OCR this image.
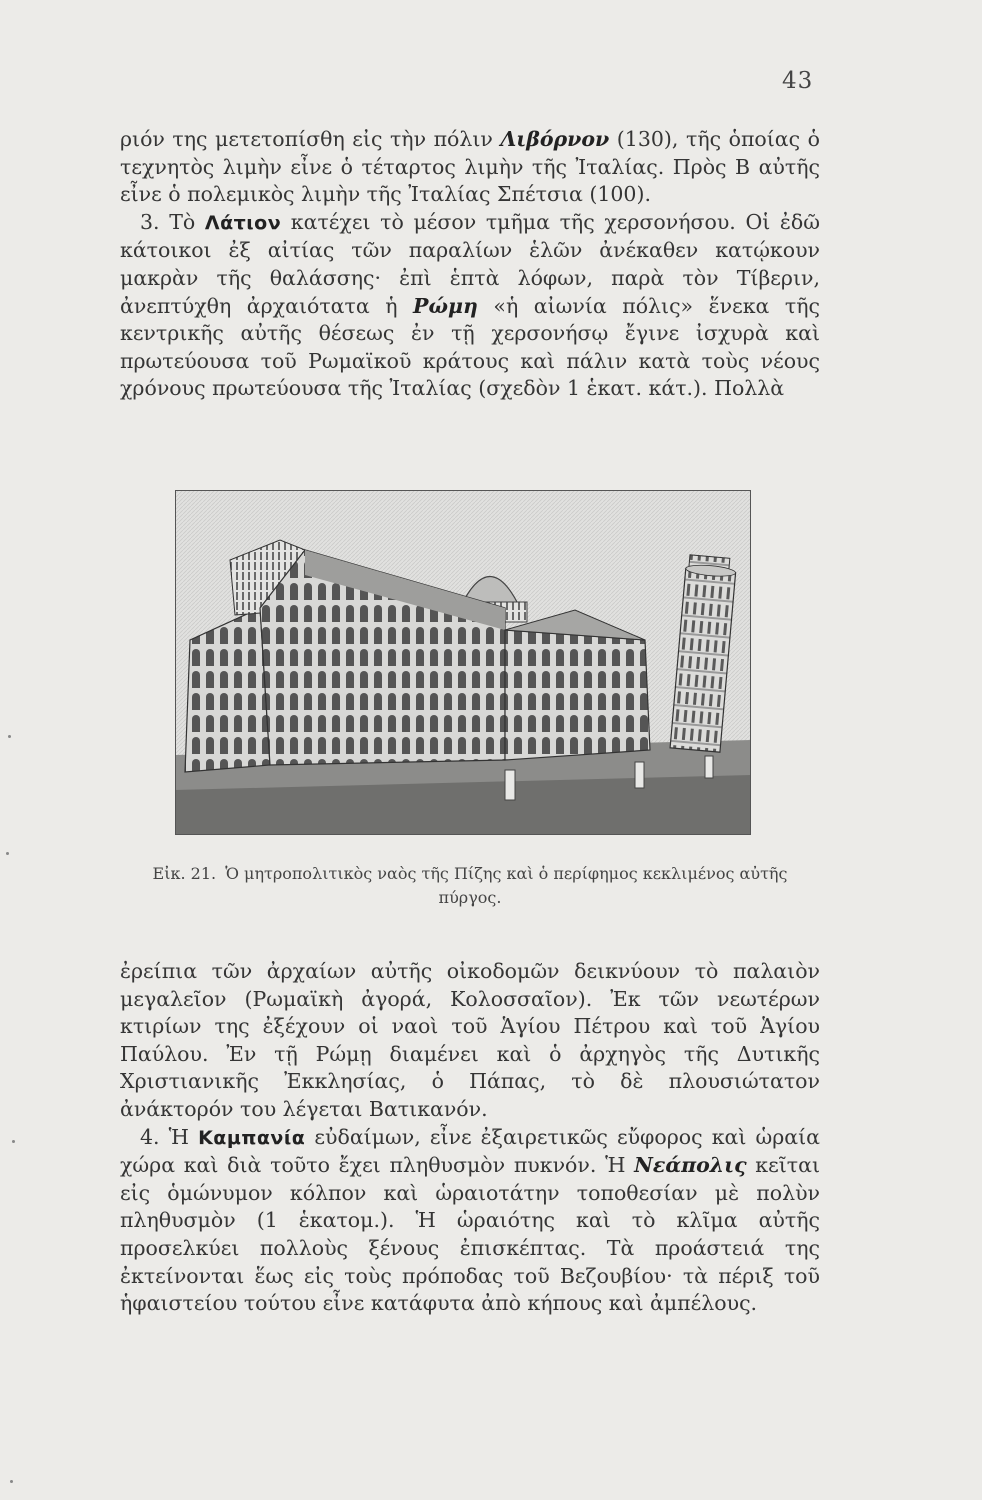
43

ριόν της μετετοπίσθη εἰς τὴν πόλιν Λιβόρνον (130), τῆς ὁποίας ὁ τεχνητὸς λιμὴν εἶνε ὁ τέταρτος λιμὴν τῆς Ἰταλίας. Πρὸς Β αὐτῆς εἶνε ὁ πολεμικὸς λιμὴν τῆς Ἰταλίας Σπέτσια (100).

3. Τὸ Λάτιον κατέχει τὸ μέσον τμῆμα τῆς χερσονήσου. Οἱ ἐδῶ κάτοικοι ἐξ αἰτίας τῶν παραλίων ἑλῶν ἀνέκαθεν κατῴκουν μακρὰν τῆς θαλάσσης· ἐπὶ ἑπτὰ λόφων, παρὰ τὸν Τίβεριν, ἀνεπτύχθη ἀρχαιότατα ἡ Ρώμη «ἡ αἰωνία πόλις» ἕνεκα τῆς κεντρικῆς αὐτῆς θέσεως ἐν τῇ χερσονήσῳ ἔγινε ἰσχυρὰ καὶ πρωτεύουσα τοῦ Ρωμαϊκοῦ κράτους καὶ πάλιν κατὰ τοὺς νέους χρόνους πρωτεύουσα τῆς Ἰταλίας (σχεδὸν 1 ἑκατ. κάτ.). Πολλὰ

Εἰκ. 21. Ὁ μητροπολιτικὸς ναὸς τῆς Πίζης καὶ ὁ περίφημος κεκλιμένος αὐτῆς πύργος.

ἐρείπια τῶν ἀρχαίων αὐτῆς οἰκοδομῶν δεικνύουν τὸ παλαιὸν μεγαλεῖον (Ρωμαϊκὴ ἀγορά, Κολοσσαῖον). Ἐκ τῶν νεωτέρων κτιρίων της ἐξέχουν οἱ ναοὶ τοῦ Ἁγίου Πέτρου καὶ τοῦ Ἁγίου Παύλου. Ἐν τῇ Ρώμῃ διαμένει καὶ ὁ ἀρχηγὸς τῆς Δυτικῆς Χριστιανικῆς Ἐκκλησίας, ὁ Πάπας, τὸ δὲ πλουσιώτατον ἀνάκτορόν του λέγεται Βατικανόν.

4. Ἡ Καμπανία εὐδαίμων, εἶνε ἐξαιρετικῶς εὔφορος καὶ ὡραία χώρα καὶ διὰ τοῦτο ἔχει πληθυσμὸν πυκνόν. Ἡ Νεάπολις κεῖται εἰς ὁμώνυμον κόλπον καὶ ὡραιοτάτην τοποθεσίαν μὲ πολὺν πληθυσμὸν (1 ἑκατομ.). Ἡ ὡραιότης καὶ τὸ κλῖμα αὐτῆς προσελκύει πολλοὺς ξένους ἐπισκέπτας. Τὰ προάστειά της ἐκτείνονται ἕως εἰς τοὺς πρόποδας τοῦ Βεζουβίου· τὰ πέριξ τοῦ ἡφαιστείου τούτου εἶνε κατάφυτα ἀπὸ κήπους καὶ ἀμπέλους.
